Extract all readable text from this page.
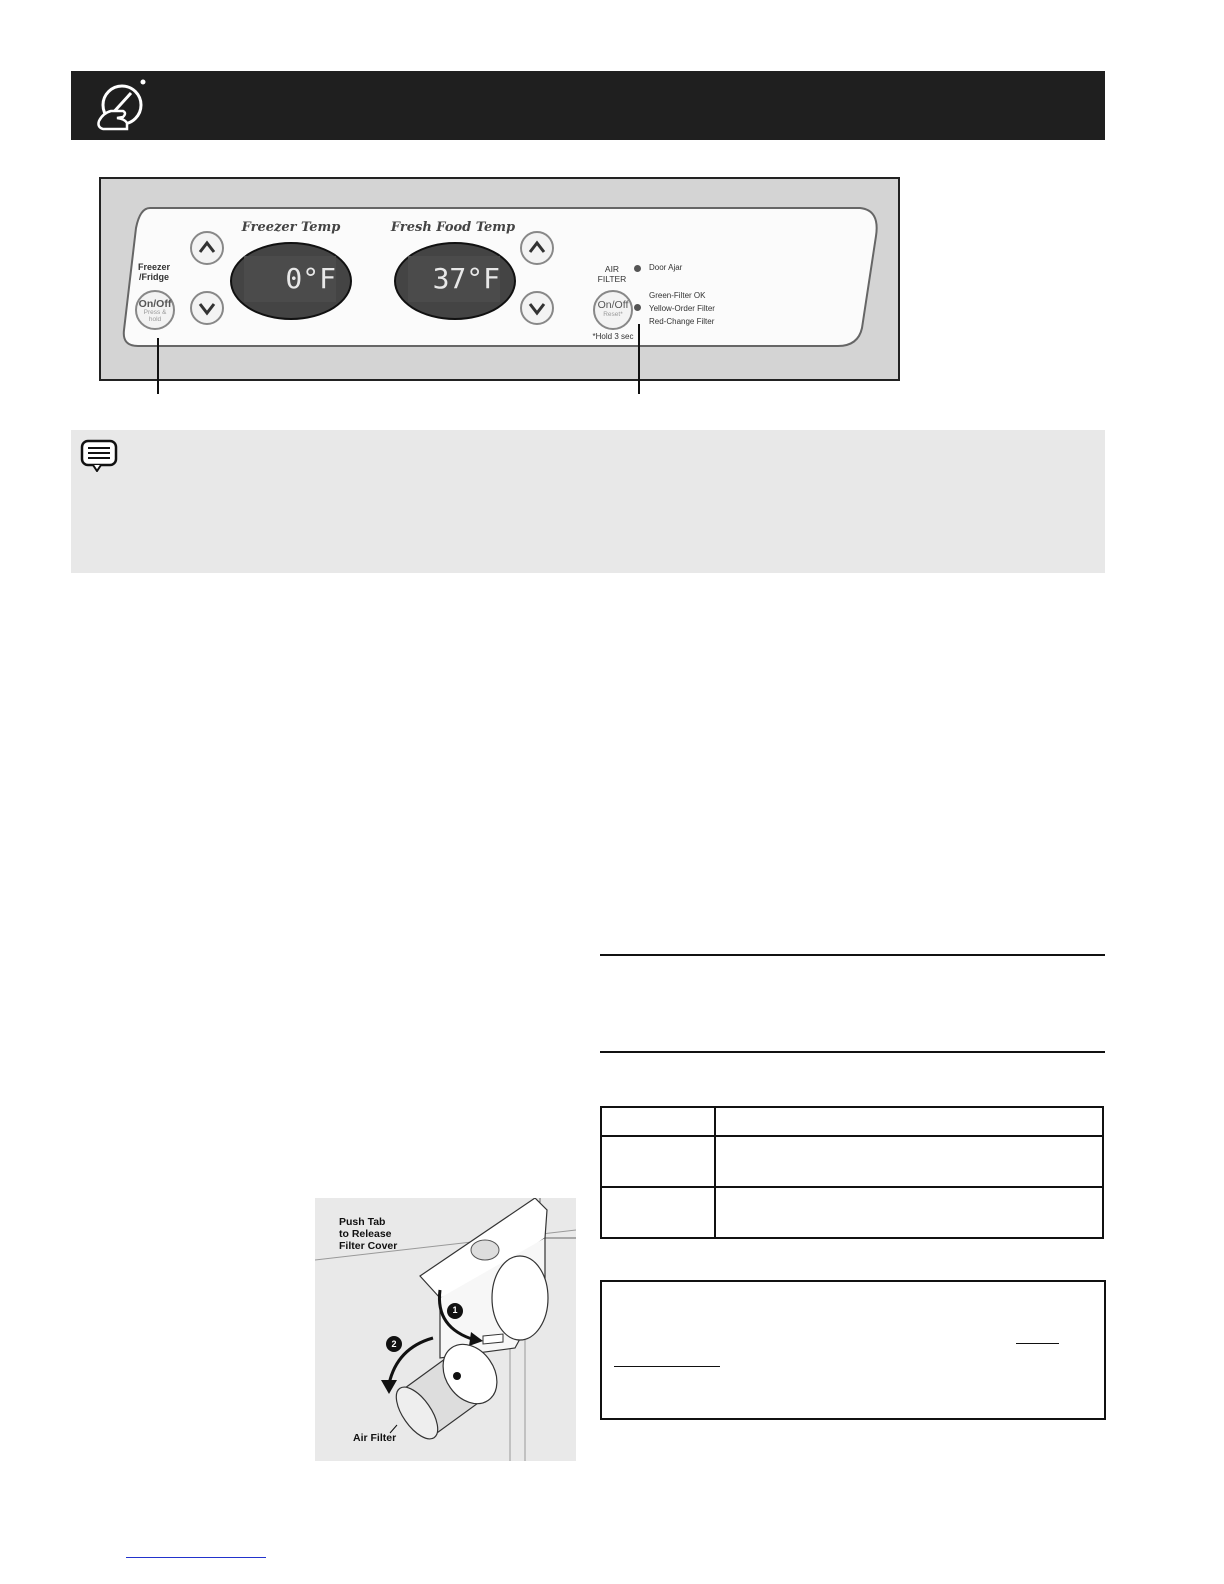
Freezer
/Fridge
On/Off
Press &
hold
Freezer Temp
0°F
Fresh Food Temp
37°F	AIR
FILTER
On/Off
Reset*
*Hold 3 sec
Door Ajar
Green-Filter OK
Yellow-Order Filter
Red-Change Filter

Push Tab
to Release
Filter Cover
1
2
Air Filter
